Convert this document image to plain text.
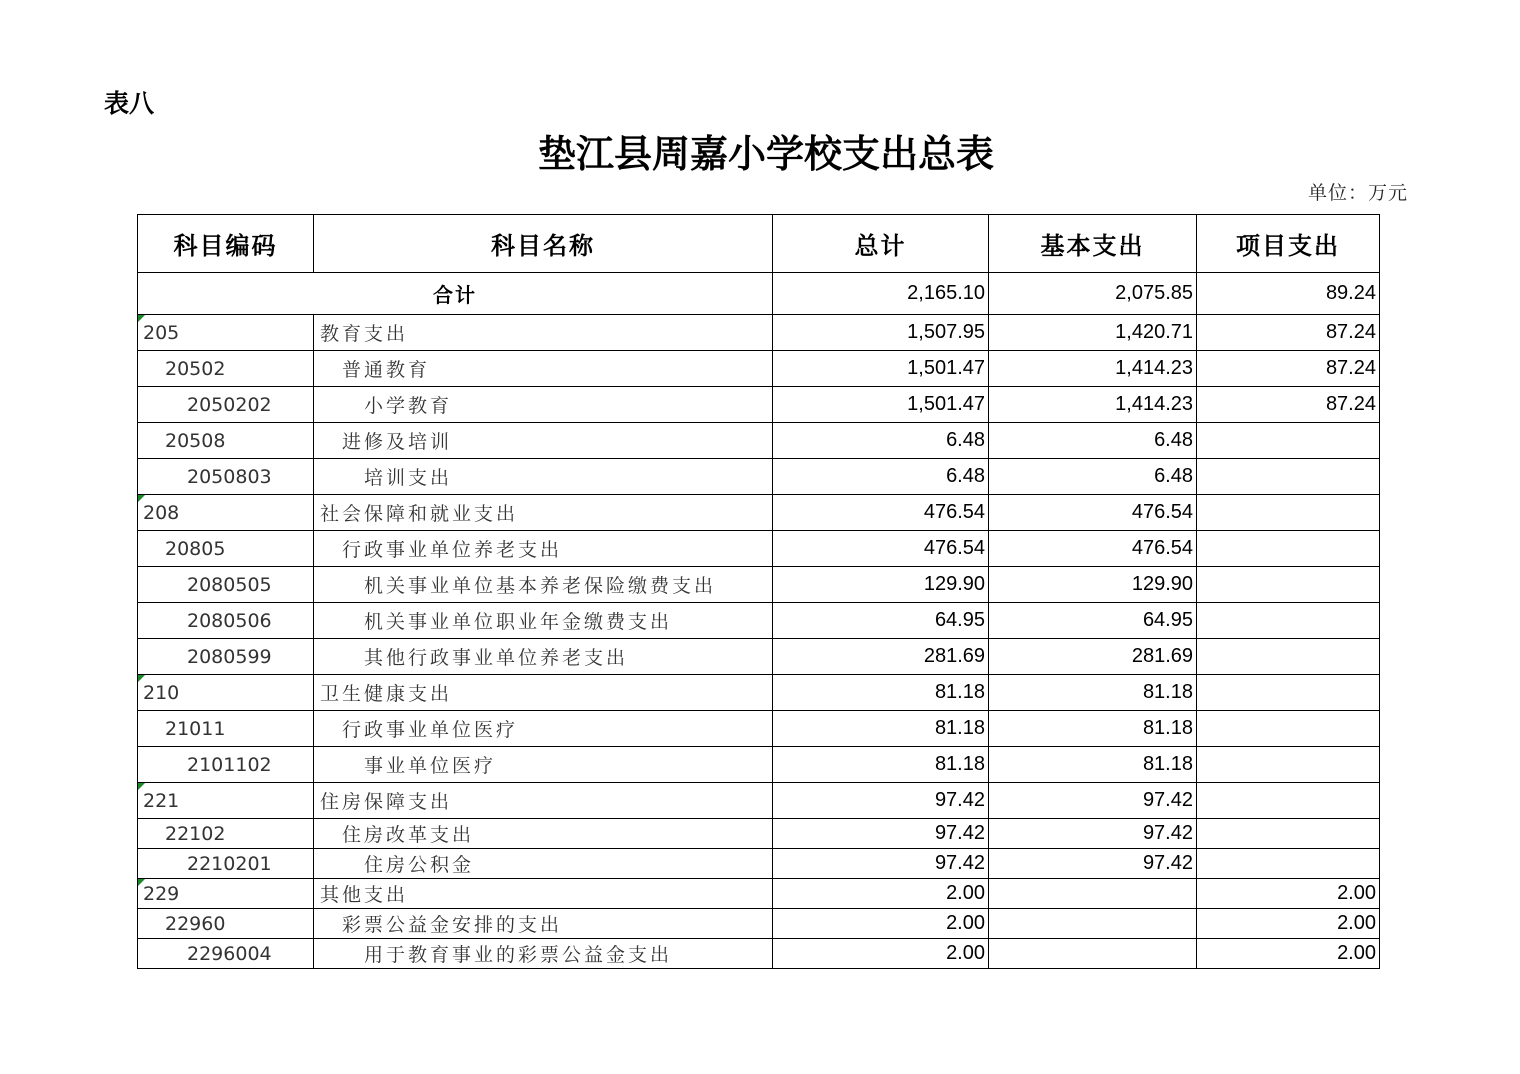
表八
垫江县周嘉小学校支出总表
单位：万元
科目编码	科目名称	总计	基本支出	项目支出
合计		2,165.10	2,075.85	89.24

205	教育支出	1,507.95	1,420.71	87.24
20502	普通教育	1,501.47	1,414.23	87.24
2050202	小学教育	1,501.47	1,414.23	87.24
20508	进修及培训	6.48	6.48	
2050803	培训支出	6.48	6.48	

208	社会保障和就业支出	476.54	476.54	
20805	行政事业单位养老支出	476.54	476.54	
2080505	机关事业单位基本养老保险缴费支出	129.90	129.90	
2080506	机关事业单位职业年金缴费支出	64.95	64.95	
2080599	其他行政事业单位养老支出	281.69	281.69	

210	卫生健康支出	81.18	81.18	
21011	行政事业单位医疗	81.18	81.18	
2101102	事业单位医疗	81.18	81.18	

221	住房保障支出	97.42	97.42	
22102	住房改革支出	97.42	97.42	
2210201	住房公积金	97.42	97.42	

229	其他支出	2.00		2.00
22960	彩票公益金安排的支出	2.00		2.00
2296004	用于教育事业的彩票公益金支出	2.00		2.00
